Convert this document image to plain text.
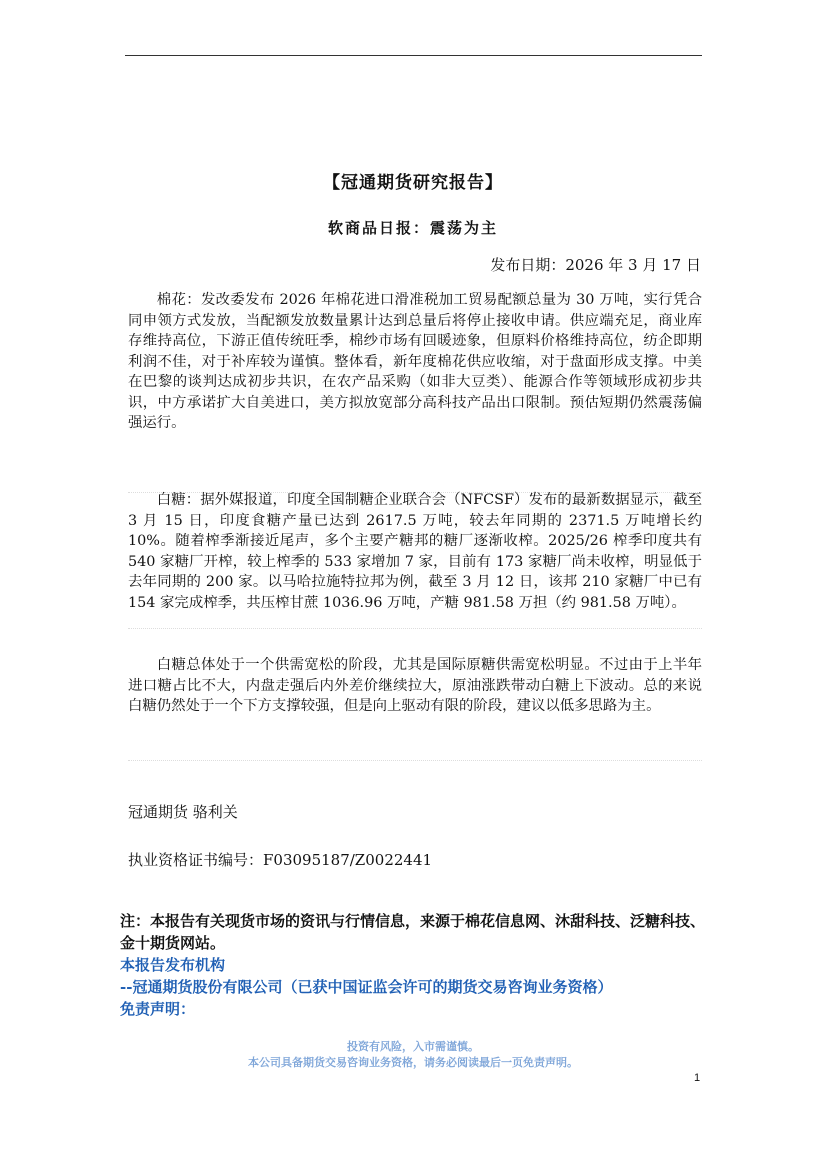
【冠通期货研究报告】
软商品日报：震荡为主
发布日期：2026 年 3 月 17 日

棉花：发改委发布 2026 年棉花进口滑准税加工贸易配额总量为 30 万吨，实行凭合同申领方式发放，当配额发放数量累计达到总量后将停止接收申请。供应端充足，商业库存维持高位，下游正值传统旺季，棉纱市场有回暖迹象，但原料价格维持高位，纺企即期利润不佳，对于补库较为谨慎。整体看，新年度棉花供应收缩，对于盘面形成支撑。中美在巴黎的谈判达成初步共识，在农产品采购（如非大豆类）、能源合作等领域形成初步共识，中方承诺扩大自美进口，美方拟放宽部分高科技产品出口限制。预估短期仍然震荡偏强运行。

白糖：据外媒报道，印度全国制糖企业联合会（NFCSF）发布的最新数据显示，截至 3 月 15 日，印度食糖产量已达到 2617.5 万吨，较去年同期的 2371.5 万吨增长约 10%。随着榨季渐接近尾声，多个主要产糖邦的糖厂逐渐收榨。2025/26 榨季印度共有 540 家糖厂开榨，较上榨季的 533 家增加 7 家，目前有 173 家糖厂尚未收榨，明显低于去年同期的 200 家。以马哈拉施特拉邦为例，截至 3 月 12 日，该邦 210 家糖厂中已有 154 家完成榨季，共压榨甘蔗 1036.96 万吨，产糖 981.58 万担（约 981.58 万吨）。

白糖总体处于一个供需宽松的阶段，尤其是国际原糖供需宽松明显。不过由于上半年进口糖占比不大，内盘走强后内外差价继续拉大，原油涨跌带动白糖上下波动。总的来说白糖仍然处于一个下方支撑较强，但是向上驱动有限的阶段，建议以低多思路为主。

冠通期货 骆利关
执业资格证书编号：F03095187/Z0022441

注：本报告有关现货市场的资讯与行情信息，来源于棉花信息网、沐甜科技、泛糖科技、金十期货网站。

本报告发布机构
--冠通期货股份有限公司（已获中国证监会许可的期货交易咨询业务资格）
免责声明：
投资有风险，入市需谨慎。
本公司具备期货交易咨询业务资格，请务必阅读最后一页免责声明。
1
